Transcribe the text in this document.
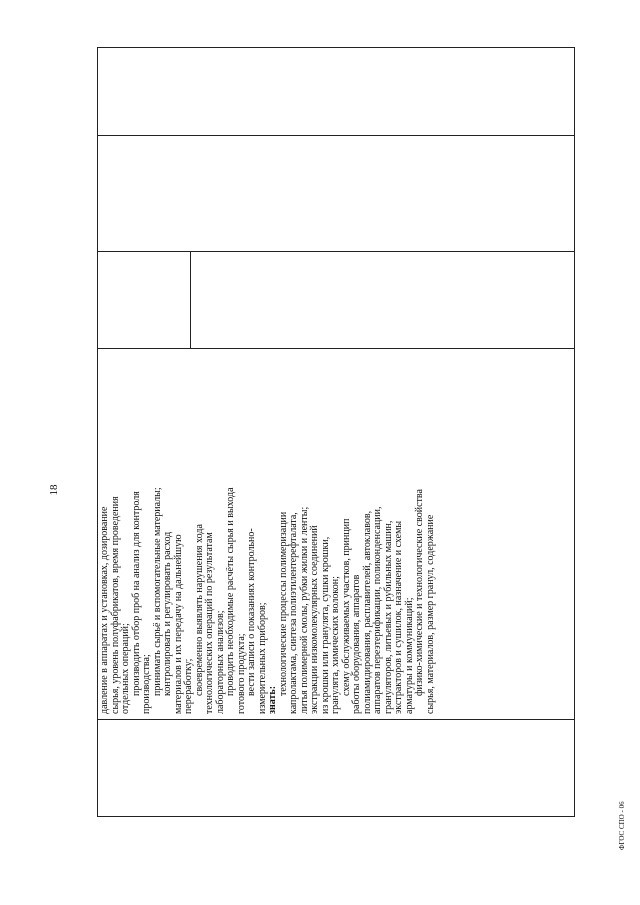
18

давление в аппаратах и установках, дозирование сырья, уровень полуфабрикатов, время проведения отдельных операций; производить отбор проб на анализ для контроля производства; принимать сырьё и вспомогательные материалы; контролировать и регулировать расход материалов и их передачу на дальнейшую переработку; своевременно выявлять нарушения хода технологических операций по результатам лабораторных анализов; проводить необходимые расчёты сырья и выхода готового продукта; вести записи о показаниях контрольно- измерительных приборов; знать:
технологические процессы полимеризации капролактама, синтеза полиэтилентерефталата, литья полимерной смолы, рубки жилки и ленты; экстракции низкомолекулярных соединений из крошки или гранулята, сушки крошки, гранулята, химических волокон; схему обслуживаемых участков, принцип работы оборудования, аппаратов полиамидирования, расплавителей, автоклавов, аппаратов переэтерификации, поликонденсации, грануляторов, литьевых и рубильных машин, экстракторов и сушилок, назначение и схемы арматуры и коммуникаций; физико-химические и технологические свойства сырья, материалов, размер гранул, содержание

ФГОС СПО - 06
